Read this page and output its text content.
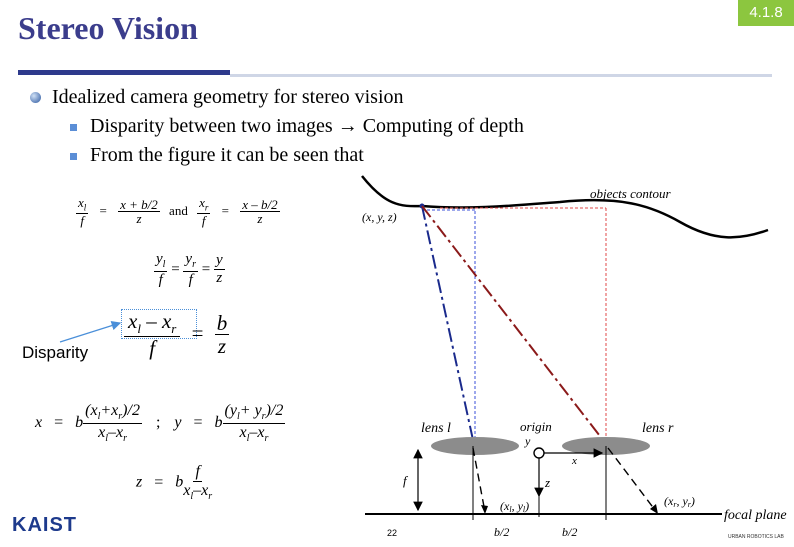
Stereo Vision	4.1.8
Idealized camera geometry for stereo vision
Disparity between two images → Computing of depth
From the figure it can be seen that
$\frac{x_l}{f} = \frac{x + b/2}{z}$ and $\frac{x_r}{f} = \frac{x - b/2}{z}$
$\frac{y_l}{f} = \frac{y_r}{f} = \frac{y}{z}$
$\frac{x_l - x_r}{f} = \frac{b}{z}$
Disparity
x = b $\frac{(x_l+x_r)/2}{x_l-x_r}$ ; y = b $\frac{(y_l+ y_r)/2}{x_l-x_r}$
z = b $\frac{f}{x_l-x_r}$
objects contour
(x, y, z)
lens l	lens r
origin
y
x
z
f
focal plane
(xl, yl)	(xr, yr)
b/2	b/2
KAIST	22	URBAN ROBOTICS LAB
